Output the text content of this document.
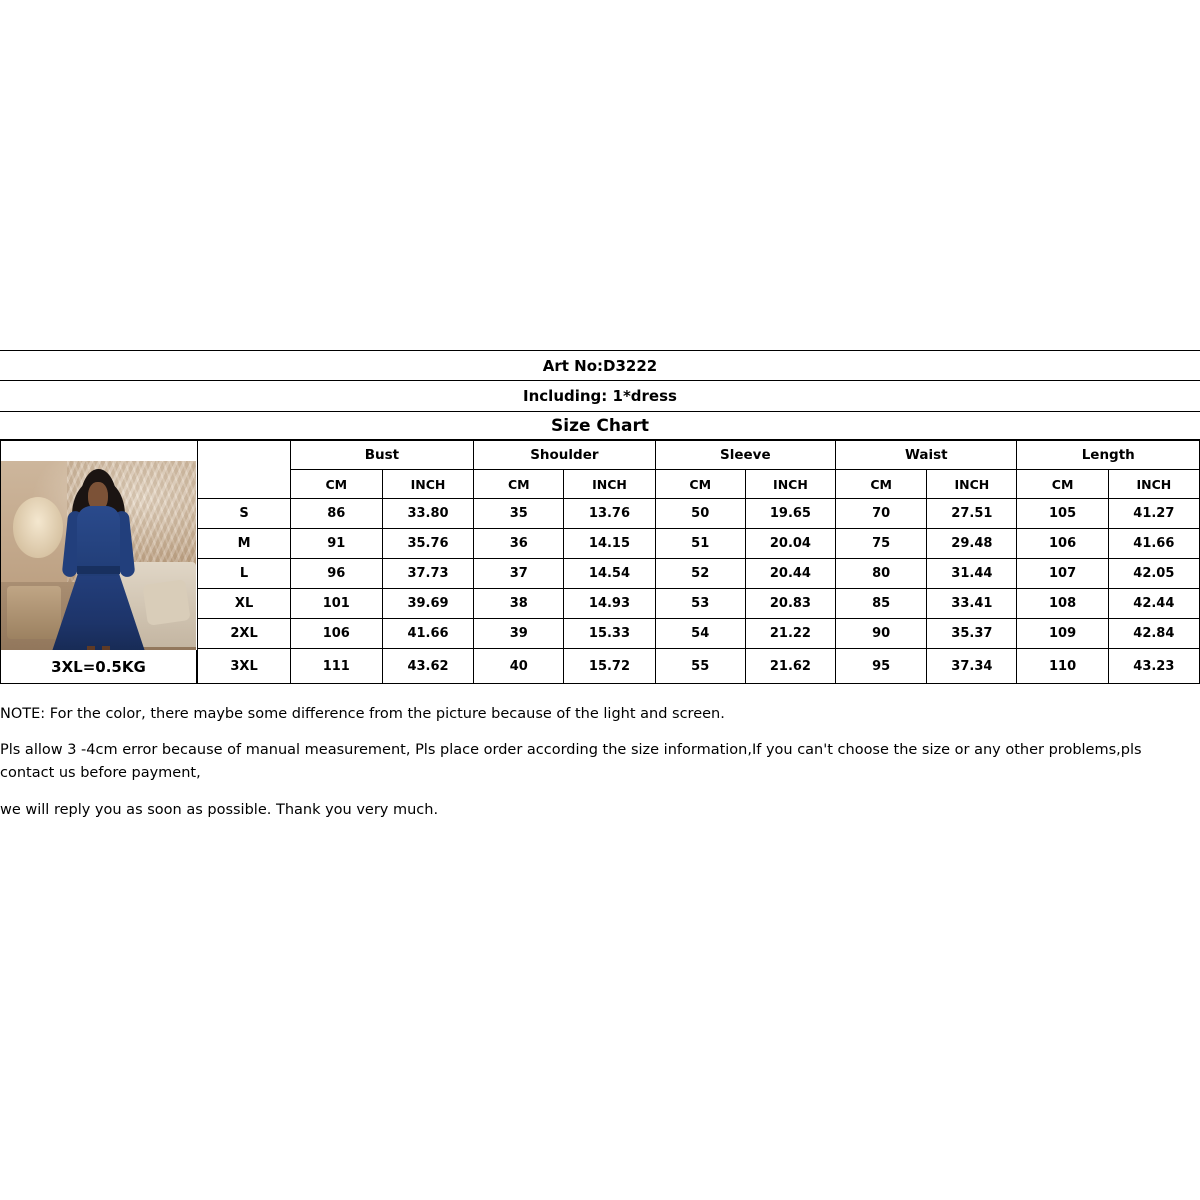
Art No:D3222
Including: 1*dress
Size Chart
		Bust		Shoulder		Sleeve		Waist		Length	
		CM	INCH	CM	INCH	CM	INCH	CM	INCH	CM	INCH
	S	86	33.80	35	13.76	50	19.65	70	27.51	105	41.27
	M	91	35.76	36	14.15	51	20.04	75	29.48	106	41.66
	L	96	37.73	37	14.54	52	20.44	80	31.44	107	42.05
	XL	101	39.69	38	14.93	53	20.83	85	33.41	108	42.44
	2XL	106	41.66	39	15.33	54	21.22	90	35.37	109	42.84
	3XL	111	43.62	40	15.72	55	21.62	95	37.34	110	43.23
3XL=0.5KG

NOTE: For the color, there maybe some difference from the picture because of the light and screen.

Pls allow 3 -4cm error because of manual measurement, Pls place order according the size information,If you can't choose the size or any other problems,pls contact us before payment,

we will reply you as soon as possible. Thank you very much.
